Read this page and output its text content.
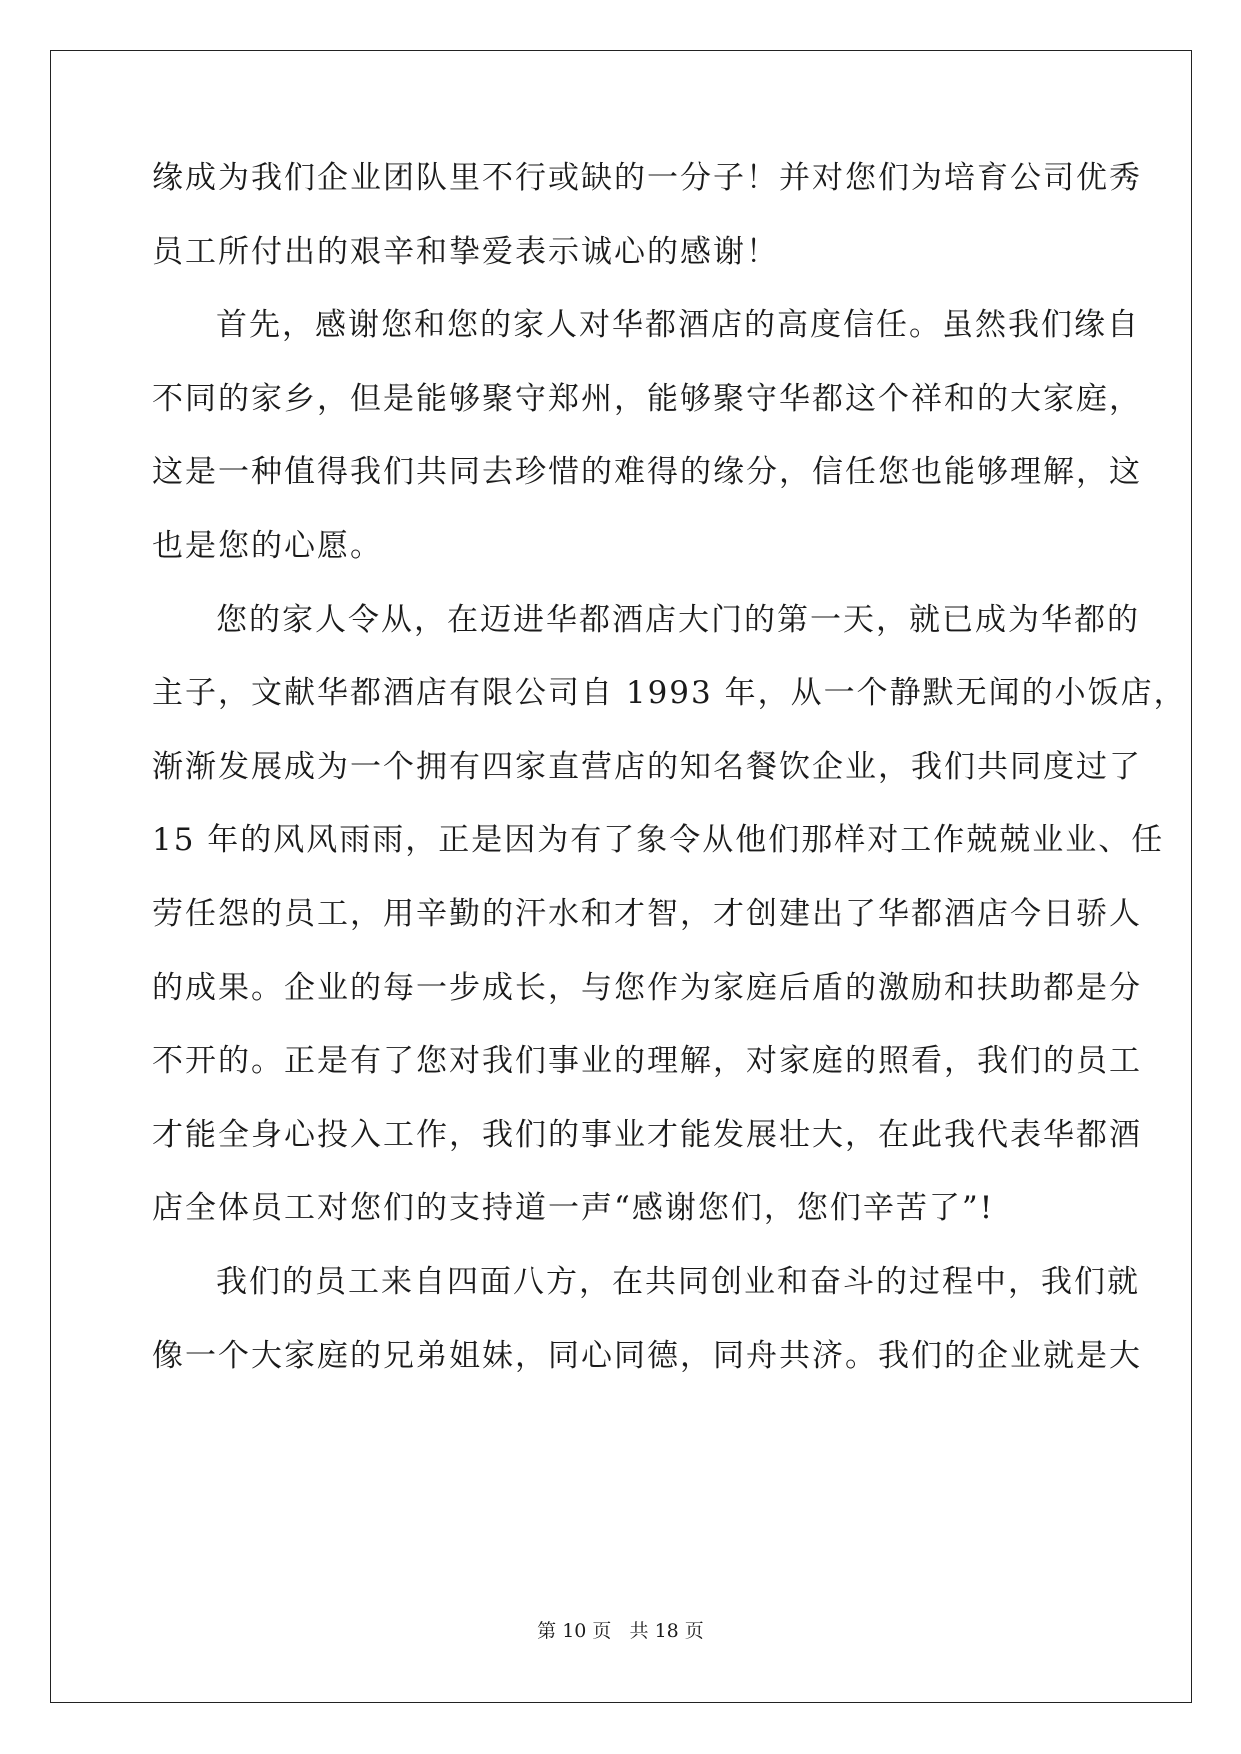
缘成为我们企业团队里不行或缺的一分子！并对您们为培育公司优秀
员工所付出的艰辛和挚爱表示诚心的感谢！
首先，感谢您和您的家人对华都酒店的高度信任。虽然我们缘自
不同的家乡，但是能够聚守郑州，能够聚守华都这个祥和的大家庭，
这是一种值得我们共同去珍惜的难得的缘分，信任您也能够理解，这
也是您的心愿。
您的家人令从，在迈进华都酒店大门的第一天，就已成为华都的
主子，文献华都酒店有限公司自 1993 年，从一个静默无闻的小饭店，
渐渐发展成为一个拥有四家直营店的知名餐饮企业，我们共同度过了
15 年的风风雨雨，正是因为有了象令从他们那样对工作兢兢业业、任
劳任怨的员工，用辛勤的汗水和才智，才创建出了华都酒店今日骄人
的成果。企业的每一步成长，与您作为家庭后盾的激励和扶助都是分
不开的。正是有了您对我们事业的理解，对家庭的照看，我们的员工
才能全身心投入工作，我们的事业才能发展壮大，在此我代表华都酒
店全体员工对您们的支持道一声“感谢您们，您们辛苦了”!
我们的员工来自四面八方，在共同创业和奋斗的过程中，我们就
像一个大家庭的兄弟姐妹，同心同德，同舟共济。我们的企业就是大
第 10 页   共 18 页
